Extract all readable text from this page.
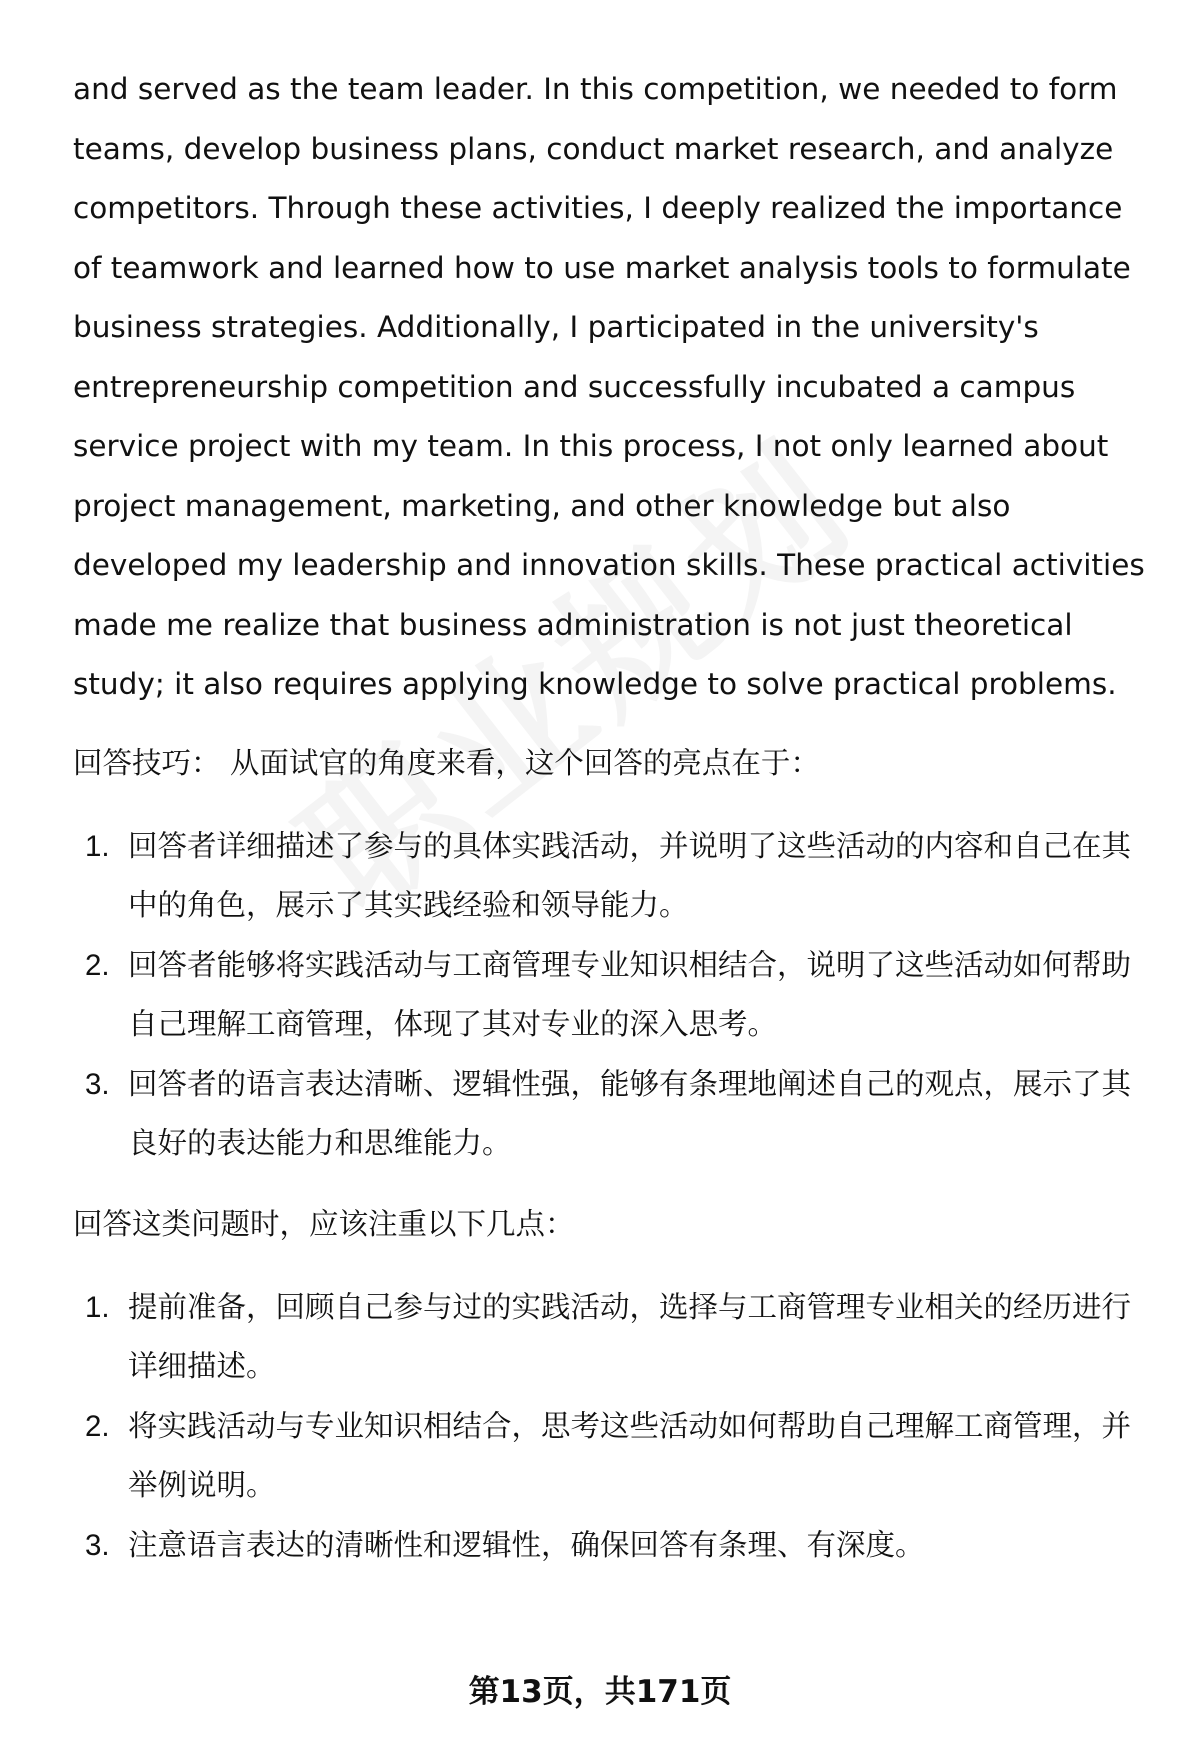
and served as the team leader. In this competition, we needed to form teams, develop business plans, conduct market research, and analyze competitors. Through these activities, I deeply realized the importance of teamwork and learned how to use market analysis tools to formulate business strategies. Additionally, I participated in the university's entrepreneurship competition and successfully incubated a campus service project with my team. In this process, I not only learned about project management, marketing, and other knowledge but also developed my leadership and innovation skills. These practical activities made me realize that business administration is not just theoretical study; it also requires applying knowledge to solve practical problems.

回答技巧： 从面试官的角度来看，这个回答的亮点在于：

1. 回答者详细描述了参与的具体实践活动，并说明了这些活动的内容和自己在其中的角色，展示了其实践经验和领导能力。
2. 回答者能够将实践活动与工商管理专业知识相结合，说明了这些活动如何帮助自己理解工商管理，体现了其对专业的深入思考。
3. 回答者的语言表达清晰、逻辑性强，能够有条理地阐述自己的观点，展示了其良好的表达能力和思维能力。

回答这类问题时，应该注重以下几点：

1. 提前准备，回顾自己参与过的实践活动，选择与工商管理专业相关的经历进行详细描述。
2. 将实践活动与专业知识相结合，思考这些活动如何帮助自己理解工商管理，并举例说明。
3. 注意语言表达的清晰性和逻辑性，确保回答有条理、有深度。
第13页，共171页
